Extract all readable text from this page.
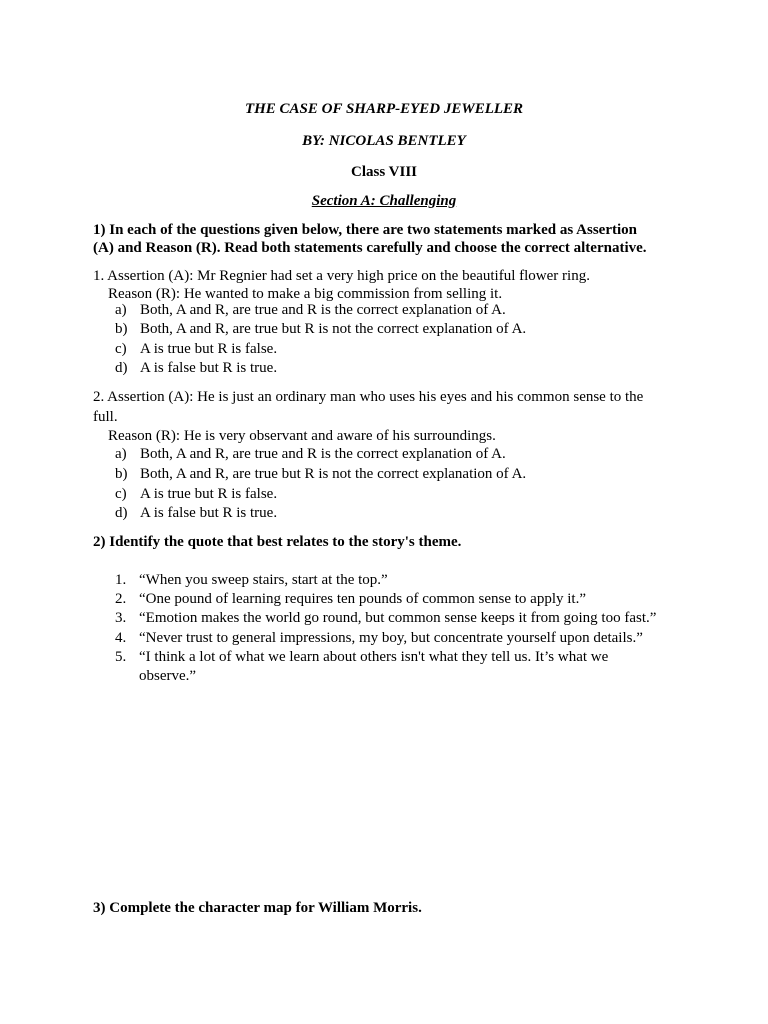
THE CASE OF SHARP-EYED JEWELLER
BY: NICOLAS BENTLEY
Class VIII
Section A: Challenging
1) In each of the questions given below, there are two statements marked as Assertion
(A) and Reason (R). Read both statements carefully and choose the correct alternative.
1. Assertion (A): Mr Regnier had set a very high price on the beautiful flower ring.
Reason (R): He wanted to make a big commission from selling it.
a) Both, A and R, are true and R is the correct explanation of A.
b) Both, A and R, are true but R is not the correct explanation of A.
c) A is true but R is false.
d) A is false but R is true.
2. Assertion (A): He is just an ordinary man who uses his eyes and his common sense to the
full.
Reason (R): He is very observant and aware of his surroundings.
a) Both, A and R, are true and R is the correct explanation of A.
b) Both, A and R, are true but R is not the correct explanation of A.
c) A is true but R is false.
d) A is false but R is true.
2) Identify the quote that best relates to the story's theme.
1. “When you sweep stairs, start at the top.”
2. “One pound of learning requires ten pounds of common sense to apply it.”
3. “Emotion makes the world go round, but common sense keeps it from going too fast.”
4. “Never trust to general impressions, my boy, but concentrate yourself upon details.”
5. “I think a lot of what we learn about others isn't what they tell us. It’s what we
observe.”
3) Complete the character map for William Morris.
